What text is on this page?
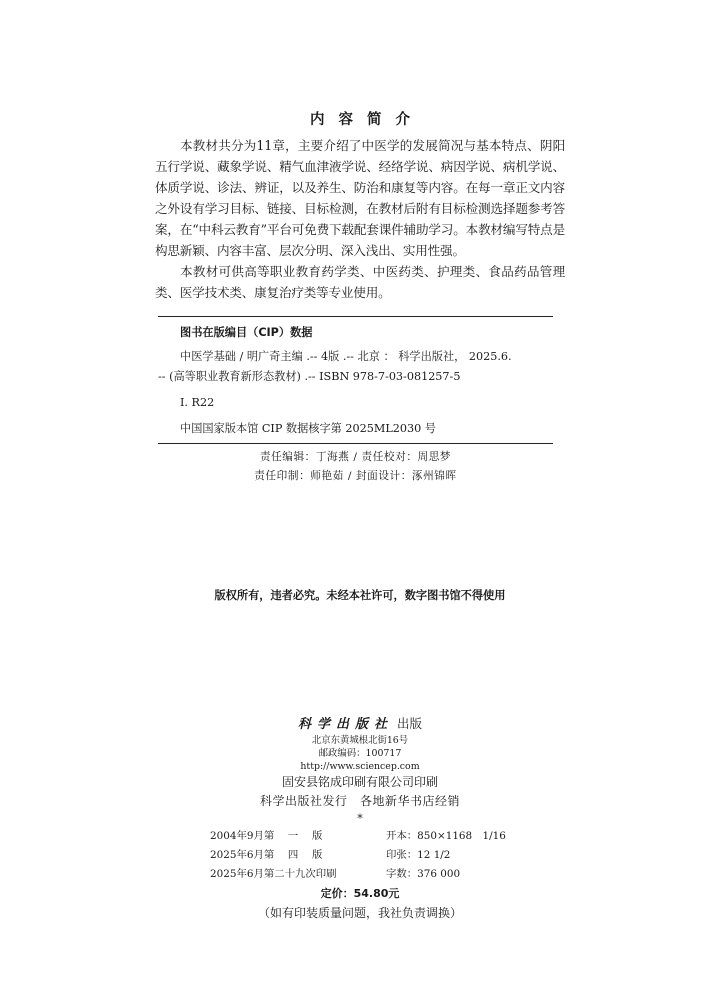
内容简介

本教材共分为11章，主要介绍了中医学的发展简况与基本特点、阴阳五行学说、藏象学说、精气血津液学说、经络学说、病因学说、病机学说、体质学说、诊法、辨证，以及养生、防治和康复等内容。在每一章正文内容之外设有学习目标、链接、目标检测，在教材后附有目标检测选择题参考答案，在“中科云教育”平台可免费下载配套课件辅助学习。本教材编写特点是构思新颖、内容丰富、层次分明、深入浅出、实用性强。

本教材可供高等职业教育药学类、中医药类、护理类、食品药品管理类、医学技术类、康复治疗类等专业使用。

图书在版编目（CIP）数据
中医学基础 / 明广奇主编 .-- 4版 .-- 北京 ： 科学出版社， 2025.6.
-- (高等职业教育新形态教材) .-- ISBN 978-7-03-081257-5
Ⅰ. R22
中国国家版本馆 CIP 数据核字第 2025ML2030 号
责任编辑：丁海燕 / 责任校对：周思梦
责任印制：师艳茹 / 封面设计：涿州锦晖
版权所有，违者必究。未经本社许可，数字图书馆不得使用
科学出版社 出版
北京东黄城根北街16号
邮政编码：100717
http://www.sciencep.com
固安县铭成印刷有限公司印刷
科学出版社发行　各地新华书店经销
*
2004年9月第　 一　 版	开本：850×1168　1/16
2025年6月第　 四　 版	印张：12 1/2
2025年6月第二十九次印刷	字数：376 000
定价：54.80元
（如有印装质量问题，我社负责调换）
